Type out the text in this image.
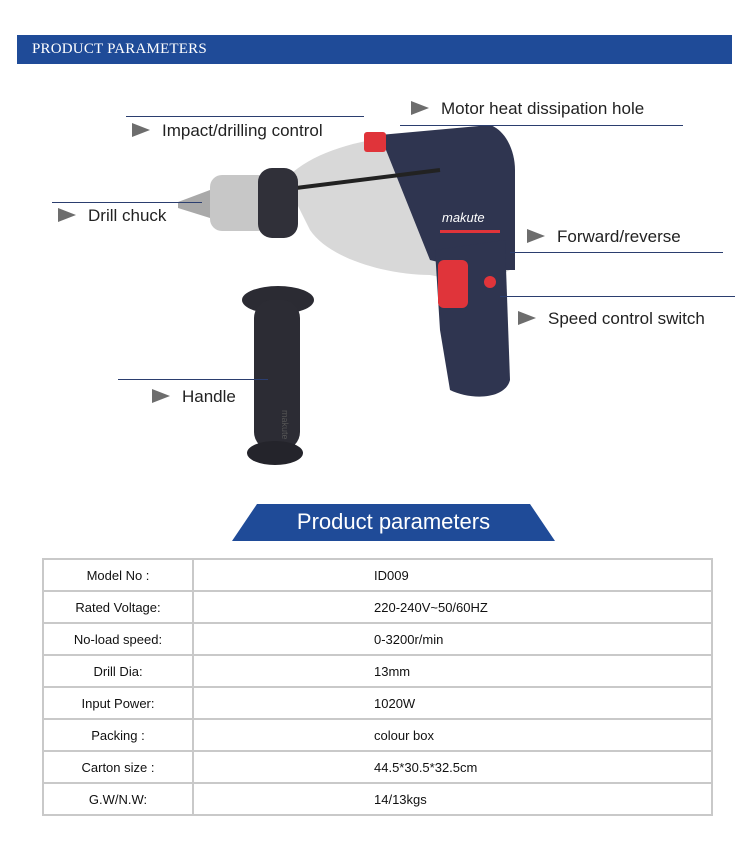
PRODUCT PARAMETERS
makute
makute
Impact/drilling control
Motor heat dissipation hole
Drill chuck
Forward/reverse
Speed control switch
Handle
Product parameters
Model No :	ID009
Rated Voltage:	220-240V~50/60HZ
No-load speed:	0-3200r/min
Drill Dia:	13mm
Input Power:	1020W
Packing :	colour box
Carton size :	44.5*30.5*32.5cm
G.W/N.W:	14/13kgs
